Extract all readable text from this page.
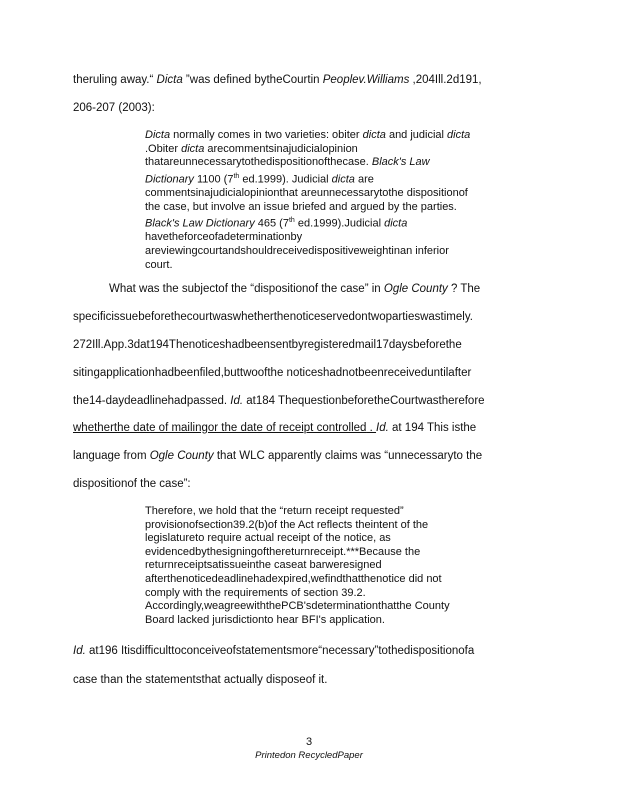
theruling away.“ Dicta ”was defined bytheCourtin Peoplev.Williams ,204Ill.2d191,
206-207 (2003):
Dicta normally comes in two varieties: obiter dicta and judicial dicta .Obiter dicta arecommentsinajudicialopinion thatareunnecessarytothedispositionofthecase. Black's Law Dictionary 1100 (7th ed.1999). Judicial dicta are commentsinajudicialopinionthat areunnecessarytothe dispositionof the case, but involve an issue briefed and argued by the parties. Black's Law Dictionary 465 (7th ed.1999).Judicial dicta havetheforceofadeterminationby areviewingcourtandshouldreceivedispositiveweightinan inferior court.
What was the subjectof the “dispositionof the case” in Ogle County ? The
specificissuebeforethecourtwaswhetherthenoticeservedontwopartieswastimely.
272Ill.App.3dat194Thenoticeshadbeensentbyregisteredmail17daysbeforethe
sitingapplicationhadbeenfiled,buttwoofthe noticeshadnotbeenreceiveduntilafter
the14-daydeadlinehadpassed. Id. at184 ThequestionbeforetheCourtwastherefore
whetherthe date of mailingor the date of receipt controlled . Id. at 194 This isthe
language from Ogle County that WLC apparently claims was “unnecessaryto the
dispositionof the case”:
Therefore, we hold that the “return receipt requested” provisionofsection39.2(b)of the Act reflects theintent of the legislatureto require actual receipt of the notice, as evidencedbythesigningofthereturnreceipt.***Because the returnreceiptsatissueinthe caseat barweresigned afterthenoticedeadlinehadexpired,wefindthatthenotice did not comply with the requirements of section 39.2. Accordingly,weagreewiththePCB'sdeterminationthatthe County Board lacked jurisdictionto hear BFI's application.
Id. at196 Itisdifficulttoconceiveofstatementsmore“necessary”tothedispositionofa
case than the statementsthat actually disposeof it.
3
Printedon RecycledPaper
